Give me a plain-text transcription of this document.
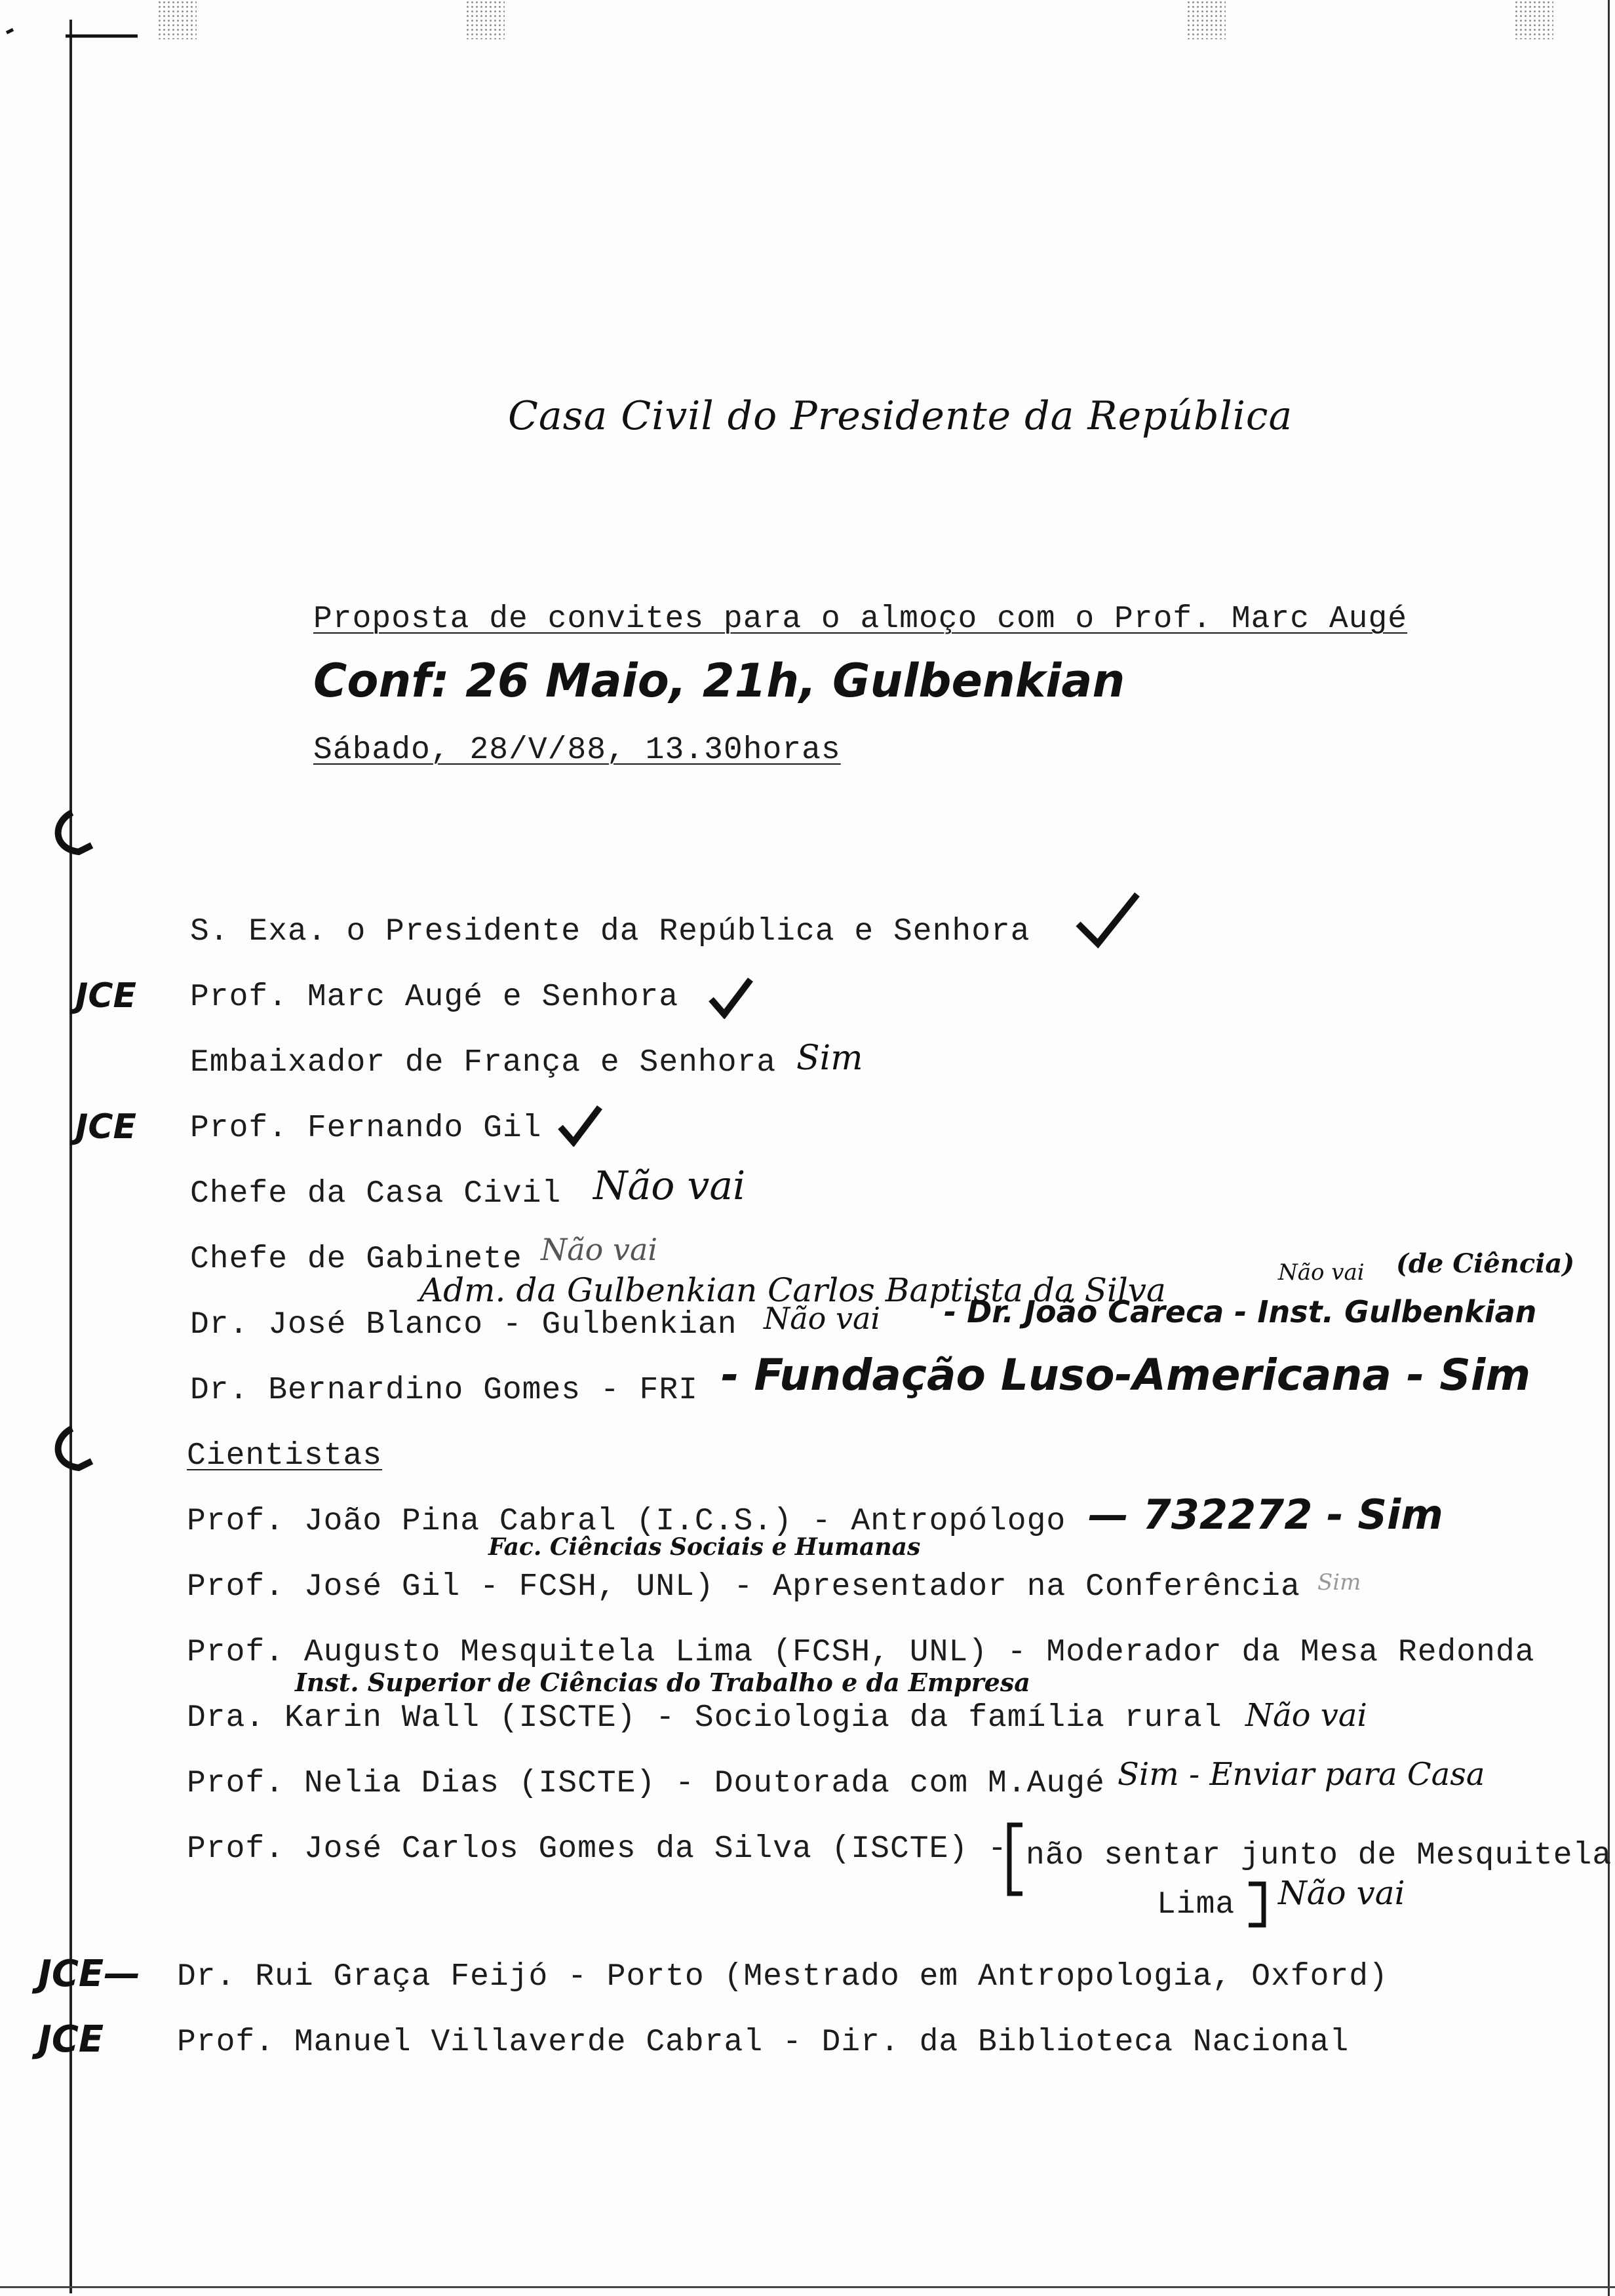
Casa Civil do Presidente da República
Proposta de convites para o almoço com o Prof. Marc Augé
Conf: 26 Maio, 21h, Gulbenkian
Sábado, 28/V/88, 13.30horas
S. Exa. o Presidente da República e Senhora
JCE Prof. Marc Augé e Senhora
Embaixador de França e Senhora Sim
JCE Prof. Fernando Gil
Chefe da Casa Civil Não vai
Chefe de Gabinete Não vai
Adm. da Gulbenkian Carlos Baptista da Silva	Não vai (de Ciência)
Dr. José Blanco - Gulbenkian Não vai - Dr. João Careca - Inst. Gulbenkian
Dr. Bernardino Gomes - FRI - Fundação Luso-Americana - Sim
Cientistas
Prof. João Pina Cabral (I.C.S.) - Antropólogo — 732272 - Sim
Fac. Ciências Sociais e Humanas
Prof. José Gil - FCSH, UNL) - Apresentador na Conferência Sim
Prof. Augusto Mesquitela Lima (FCSH, UNL) - Moderador da Mesa Redonda
Inst. Superior de Ciências do Trabalho e da Empresa
Dra. Karin Wall (ISCTE) - Sociologia da família rural Não vai
Prof. Nelia Dias (ISCTE) - Doutorada com M.Augé Sim - Enviar para Casa
Prof. José Carlos Gomes da Silva (ISCTE) - não sentar junto de Mesquitela
Lima Não vai
JCE— Dr. Rui Graça Feijó - Porto (Mestrado em Antropologia, Oxford)
JCE Prof. Manuel Villaverde Cabral - Dir. da Biblioteca Nacional
